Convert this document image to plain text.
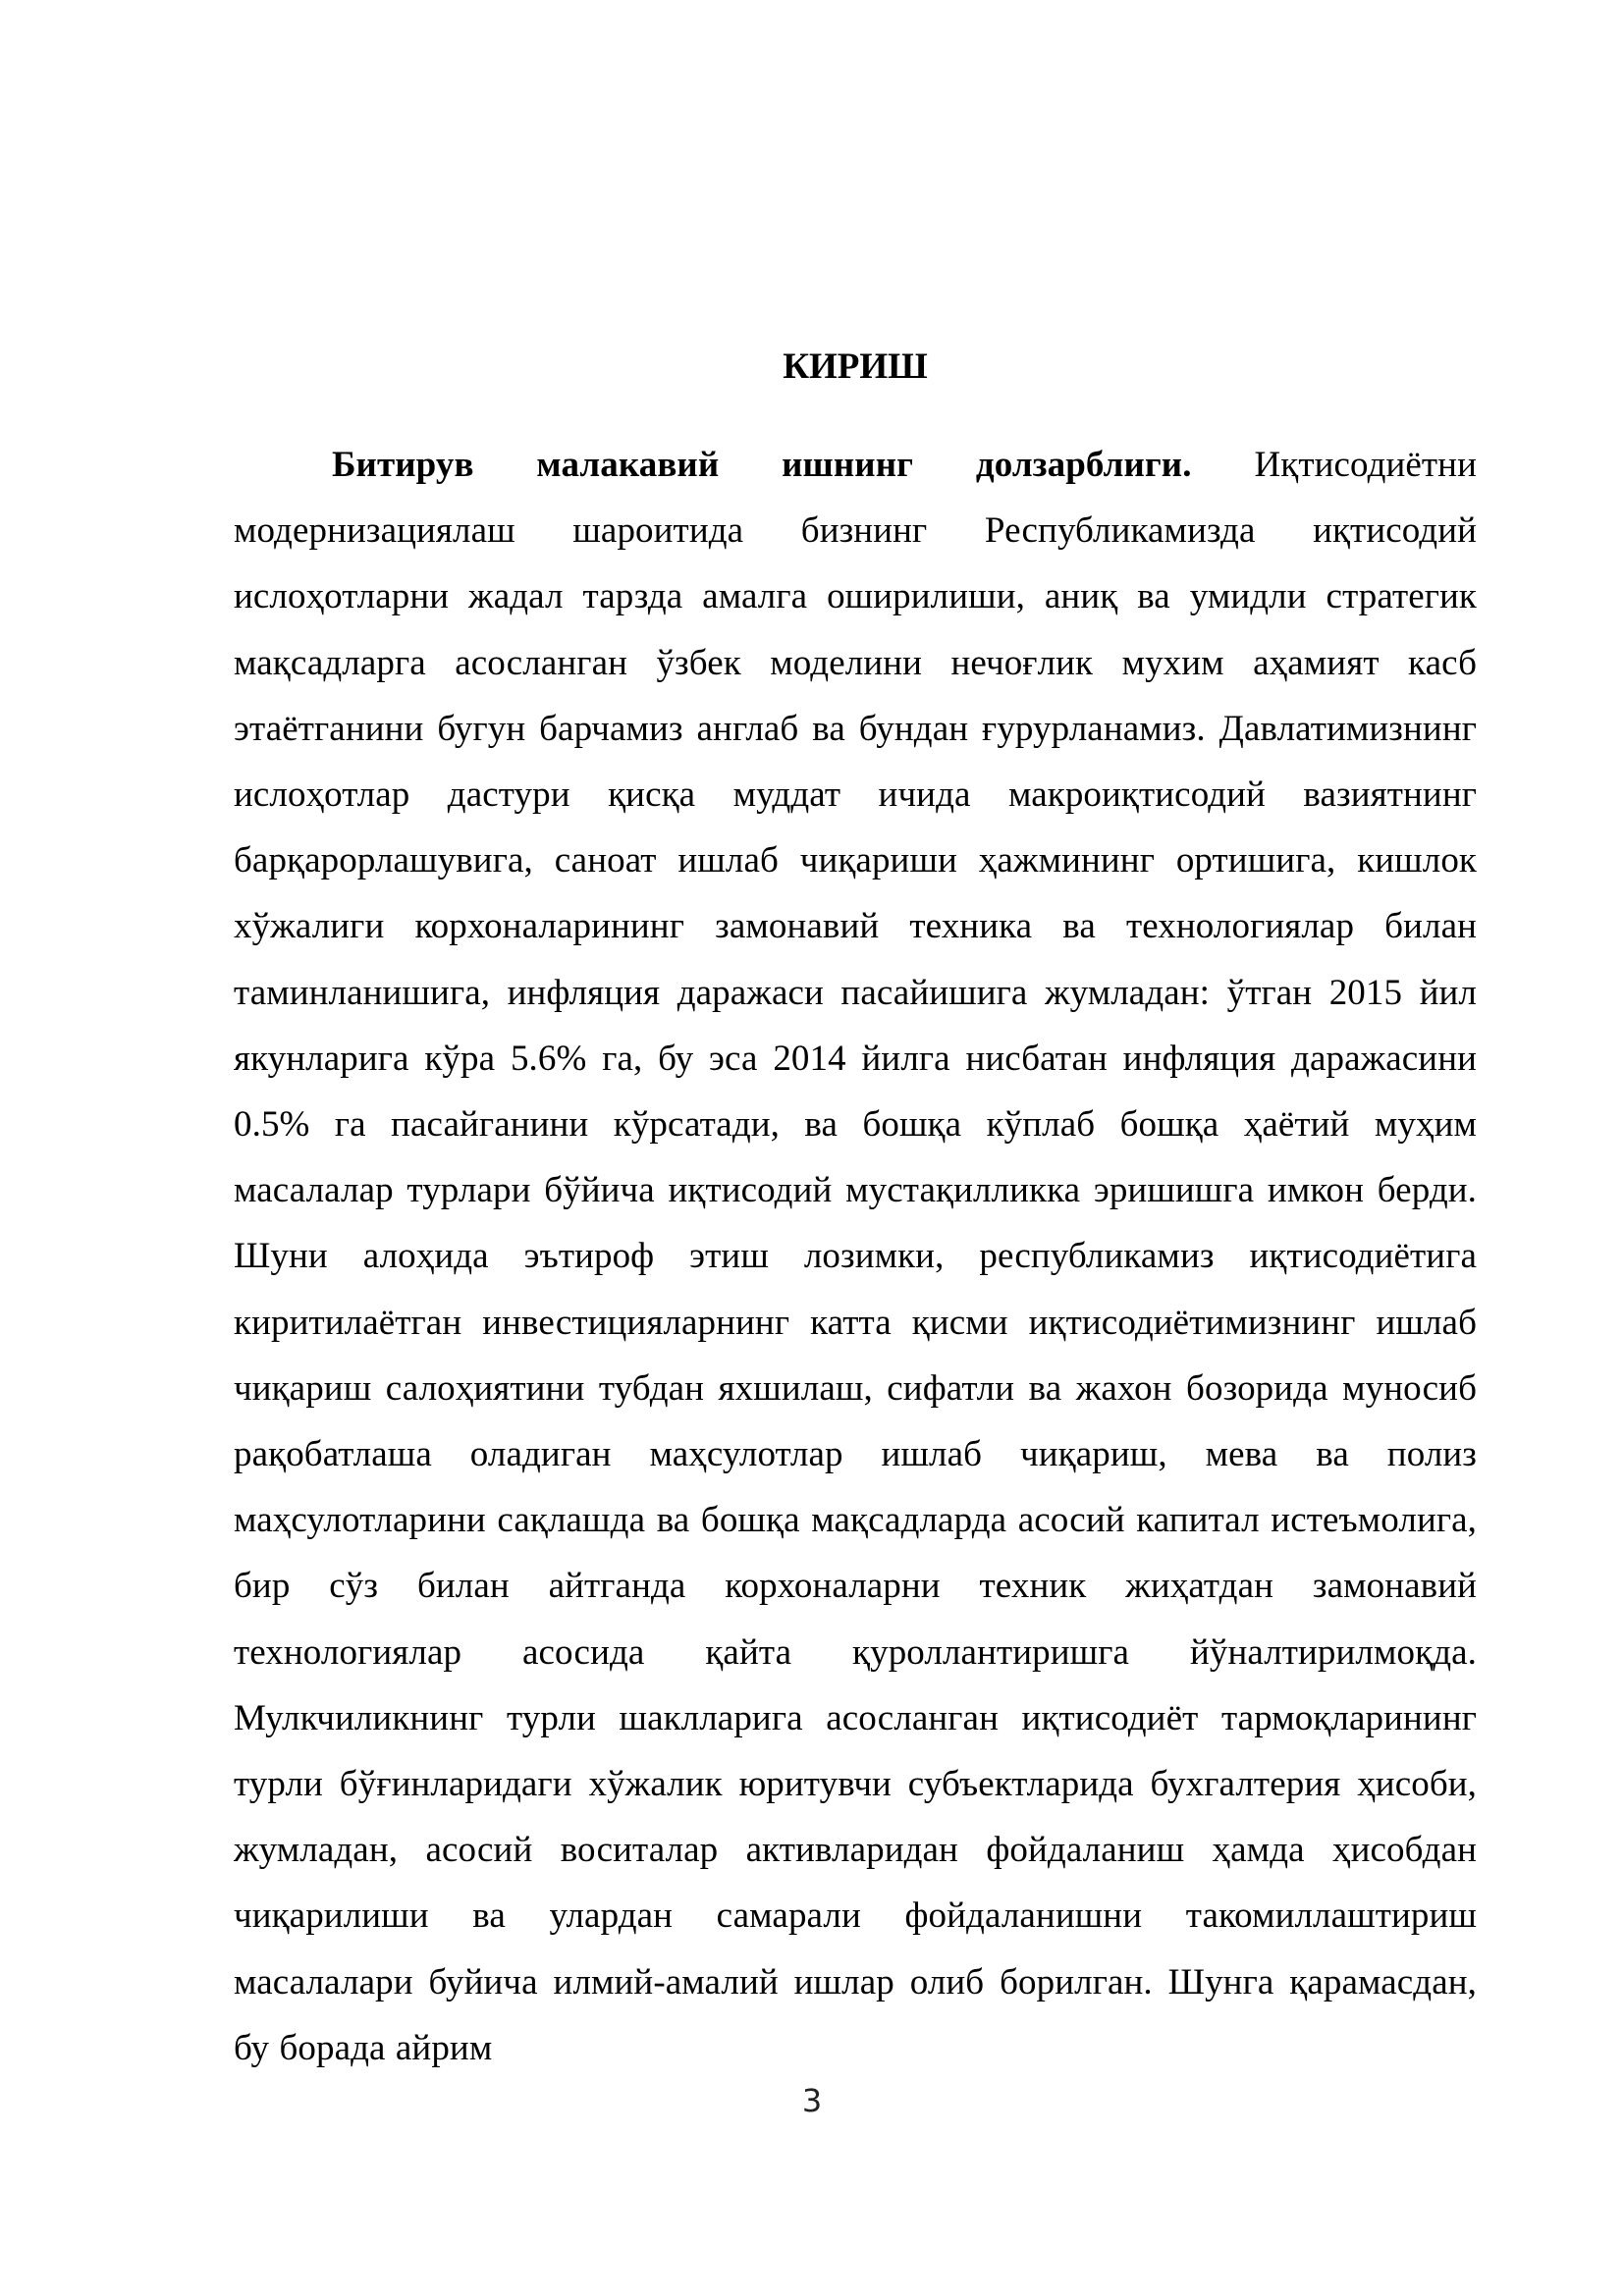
КИРИШ

Битирув малакавий ишнинг долзарблиги. Иқтисодиётни модернизациялаш шароитида бизнинг Республикамизда иқтисодий ислоҳотларни жадал тарзда амалга оширилиши, аниқ ва умидли стратегик мақсадларга асосланган ўзбек моделини нечоғлик мухим аҳамият касб этаётганини бугун барчамиз англаб ва бундан ғурурланамиз. Давлатимизнинг ислоҳотлар дастури қисқа муддат ичида макроиқтисодий вазиятнинг барқарорлашувига, саноат ишлаб чиқариши ҳажмининг ортишига, кишлок хўжалиги корхоналарининг замонавий техника ва технологиялар билан таминланишига, инфляция даражаси пасайишига жумладан: ўтган 2015 йил якунларига кўра 5.6% га, бу эса 2014 йилга нисбатан инфляция даражасини 0.5% га пасайганини кўрсатади, ва бошқа кўплаб бошқа ҳаётий муҳим масалалар турлари бўйича иқтисодий мустақилликка эришишга имкон берди. Шуни алоҳида эътироф этиш лозимки, республикамиз иқтисодиётига киритилаётган инвестицияларнинг катта қисми иқтисодиётимизнинг ишлаб чиқариш салоҳиятини тубдан яхшилаш, сифатли ва жахон бозорида муносиб рақобатлаша оладиган маҳсулотлар ишлаб чиқариш, мева ва полиз маҳсулотларини сақлашда ва бошқа мақсадларда асосий капитал истеъмолига, бир сўз билан айтганда корхоналарни техник жиҳатдан замонавий технологиялар асосида қайта қуроллантиришга йўналтирилмоқда. Мулкчиликнинг турли шаклларига асосланган иқтисодиёт тармоқларининг турли бўғинларидаги хўжалик юритувчи субъектларида бухгалтерия ҳисоби, жумладан, асосий воситалар активларидан фойдаланиш ҳамда ҳисобдан чиқарилиши ва улардан самарали фойдаланишни такомиллаштириш масалалари буйича илмий-амалий ишлар олиб борилган. Шунга қарамасдан, бу борада айрим

3
